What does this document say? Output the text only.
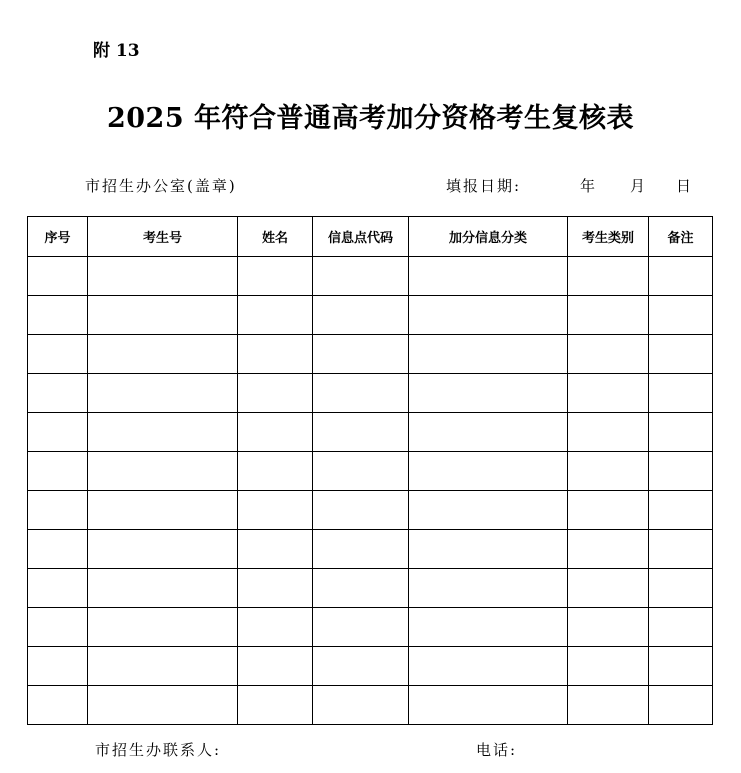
附 13
2025 年符合普通高考加分资格考生复核表
市招生办公室(盖章)	填报日期:	年 月 日
序号	考生号	姓名	信息点代码	加分信息分类	考生类别	备注

市招生办联系人:	电话:
